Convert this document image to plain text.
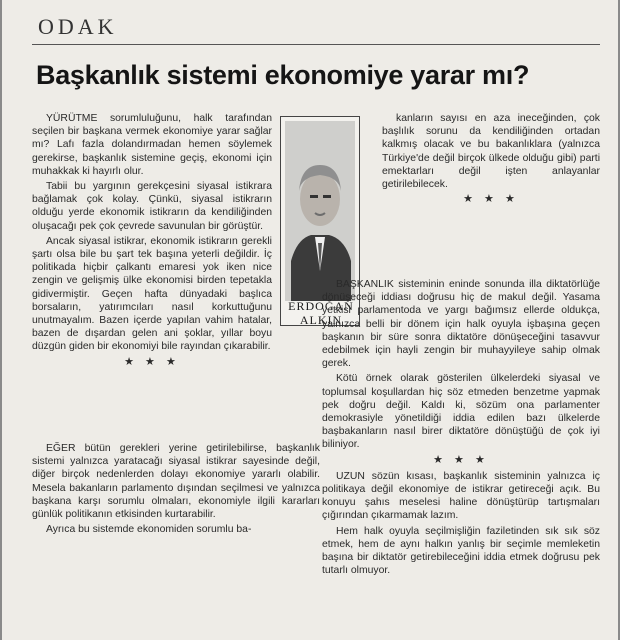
ODAK
Başkanlık sistemi ekonomiye yarar mı?

YÜRÜTME sorumluluğunu, halk tarafından seçilen bir başkana vermek ekonomiye yarar sağlar mı? Lafı fazla dolandırmadan hemen söylemek gerekirse, başkanlık sistemine geçiş, ekonomi için muhakkak ki hayırlı olur.

Tabii bu yargının gerekçesini siyasal istikrara bağlamak çok kolay. Çünkü, siyasal istikrarın olduğu yerde ekonomik istikrarın da kendiliğinden oluşacağı pek çok çevrede savunulan bir görüştür.

Ancak siyasal istikrar, ekonomik istikrarın gerekli şartı olsa bile bu şart tek başına yeterli değildir. İç politikada hiçbir çalkantı emaresi yok iken nice zengin ve gelişmiş ülke ekonomisi birden tepetakla gidivermiştir. Geçen hafta dünyadaki başlıca borsaların, yatırımcıları nasıl korkuttuğunu unutmayalım. Bazen içerde yapılan vahim hatalar, bazen de dışardan gelen ani şoklar, yıllar boyu düzgün giden bir ekonomiyi bile rayından çıkarabilir.

★ ★ ★
ERDOĞAN
ALKIN

kanların sayısı en aza ineceğinden, çok başlılık sorunu da kendiliğinden ortadan kalkmış olacak ve bu bakanlıklara (yalnızca Türkiye'de değil birçok ülkede olduğu gibi) parti emektarları değil işten anlayanlar getirilebilecek.

★ ★ ★

BAŞKANLIK sisteminin eninde sonunda illa diktatörlüğe dönüşeceği iddiası doğrusu hiç de makul değil. Yasama yetkisi parlamentoda ve yargı bağımsız ellerde oldukça, yalnızca belli bir dönem için halk oyuyla işbaşına geçen başkanın bir süre sonra diktatöre dönüşeceğini tasavvur edebilmek için hayli zengin bir muhayyileye sahip olmak gerek.

Kötü örnek olarak gösterilen ülkelerdeki siyasal ve toplumsal koşullardan hiç söz etmeden benzetme yapmak pek doğru değil. Kaldı ki, sözüm ona parlamenter demokrasiyle yönetildiği iddia edilen bazı ülkelerde başbakanların nasıl birer diktatöre dönüştüğü de çok iyi biliniyor.

★ ★ ★

UZUN sözün kısası, başkanlık sisteminin yalnızca iç politikaya değil ekonomiye de istikrar getireceği açık. Bu konuyu şahıs meselesi haline dönüştürüp tartışmaları çığırından çıkarmamak lazım.

Hem halk oyuyla seçilmişliğin faziletinden sık sık söz etmek, hem de aynı halkın yanlış bir seçimle memleketin başına bir diktatör getirebileceğini iddia etmek doğrusu pek tutarlı olmuyor.

EĞER bütün gerekleri yerine getirilebilirse, başkanlık sistemi yalnızca yaratacağı siyasal istikrar sayesinde değil, diğer birçok nedenlerden dolayı ekonomiye yararlı olabilir. Mesela bakanların parlamento dışından seçilmesi ve yalnızca başkana karşı sorumlu olmaları, ekonomiyle ilgili kararları günlük politikanın etkisinden kurtarabilir.

Ayrıca bu sistemde ekonomiden sorumlu ba-
